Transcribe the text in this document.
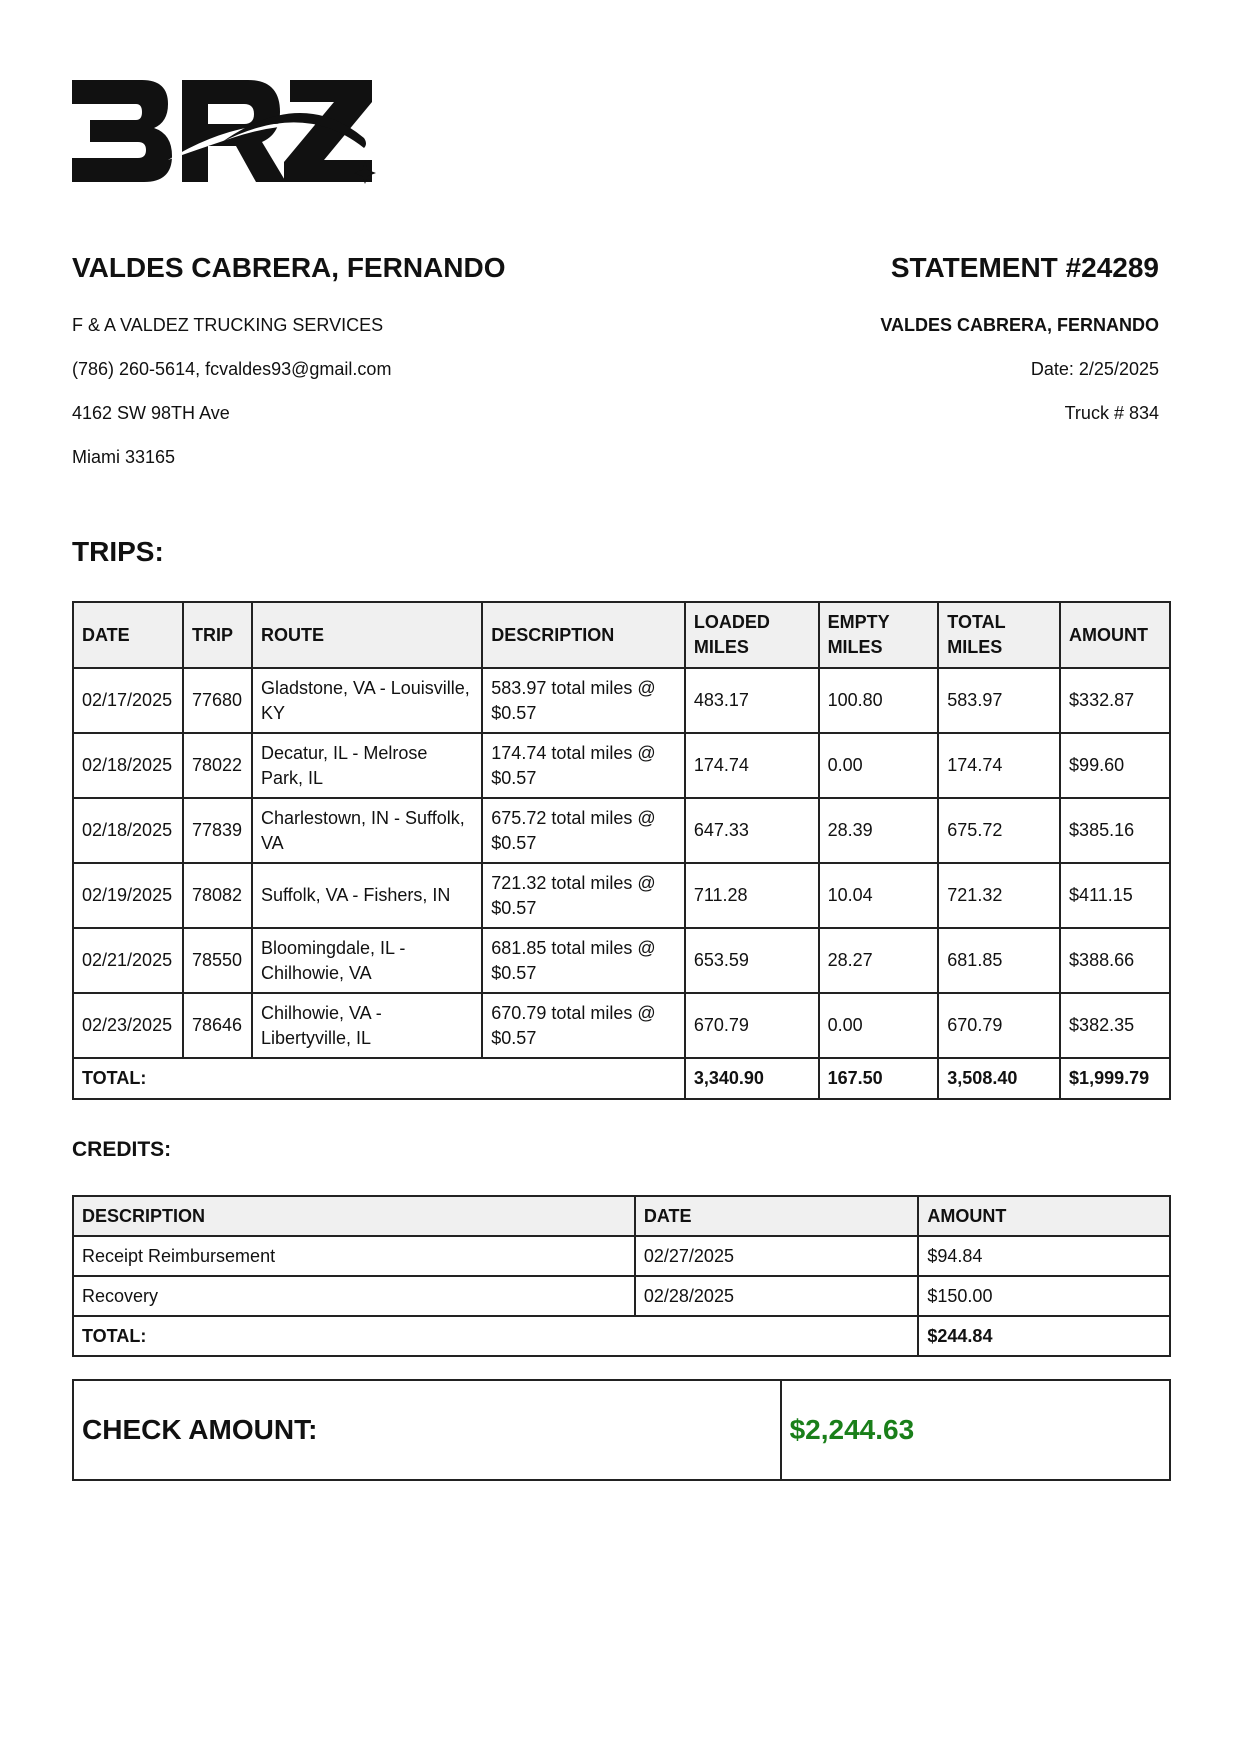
VALDES CABRERA, FERNANDO	STATEMENT #24289
F & A VALDEZ TRUCKING SERVICES
(786) 260-5614, fcvaldes93@gmail.com
4162 SW 98TH Ave
Miami 33165
VALDES CABRERA, FERNANDO
Date: 2/25/2025
Truck # 834
TRIPS:
DATE	TRIP	ROUTE	DESCRIPTION	LOADED MILES	EMPTY MILES	TOTAL MILES	AMOUNT
02/17/2025	77680	Gladstone, VA - Louisville, KY	583.97 total miles @ $0.57	483.17	100.80	583.97	$332.87
02/18/2025	78022	Decatur, IL - Melrose Park, IL	174.74 total miles @ $0.57	174.74	0.00	174.74	$99.60
02/18/2025	77839	Charlestown, IN - Suffolk, VA	675.72 total miles @ $0.57	647.33	28.39	675.72	$385.16
02/19/2025	78082	Suffolk, VA - Fishers, IN	721.32 total miles @ $0.57	711.28	10.04	721.32	$411.15
02/21/2025	78550	Bloomingdale, IL - Chilhowie, VA	681.85 total miles @ $0.57	653.59	28.27	681.85	$388.66
02/23/2025	78646	Chilhowie, VA - Libertyville, IL	670.79 total miles @ $0.57	670.79	0.00	670.79	$382.35
TOTAL:				3,340.90	167.50	3,508.40	$1,999.79
CREDITS:
DESCRIPTION	DATE	AMOUNT
Receipt Reimbursement	02/27/2025	$94.84
Recovery	02/28/2025	$150.00
TOTAL:		$244.84
CHECK AMOUNT:	$2,244.63
